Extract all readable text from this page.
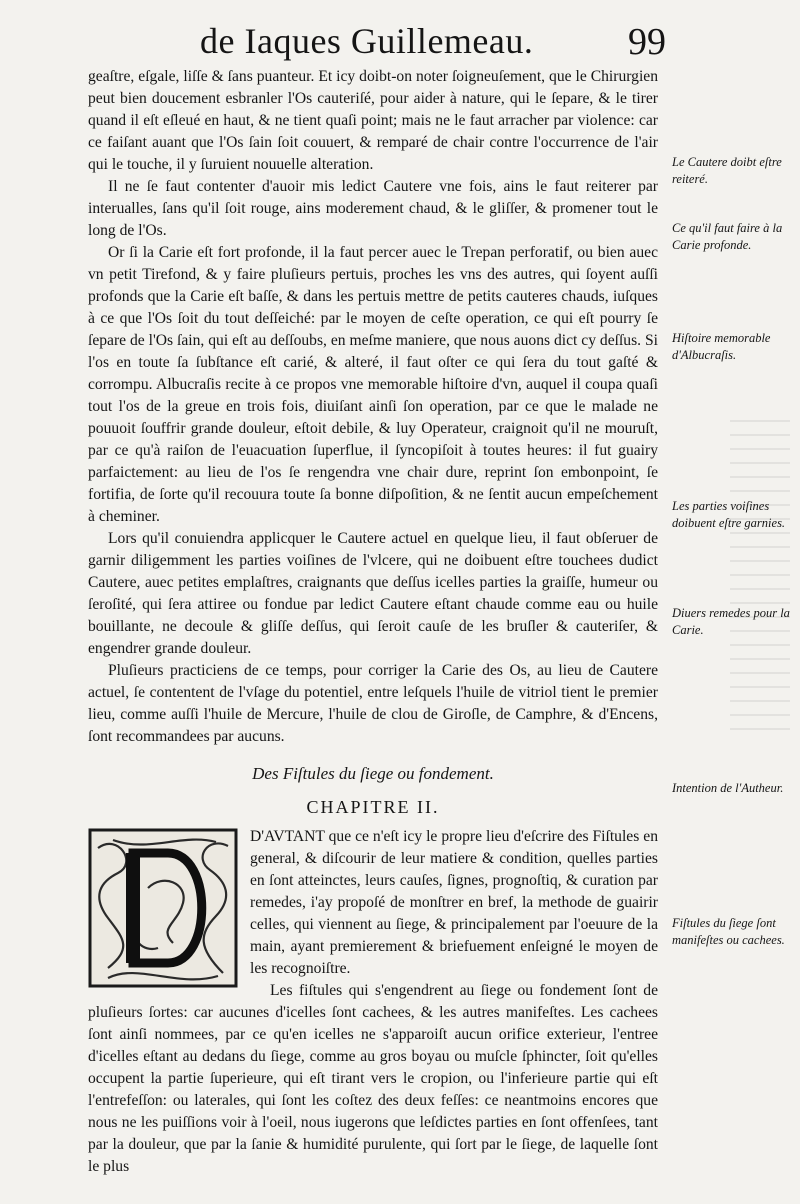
de Iaques Guillemeau. 99

geaſtre, eſgale, liſſe & ſans puanteur. Et icy doibt-on noter ſoigneuſement, que le Chirurgien peut bien doucement esbranler l'Os cauteriſé, pour aider à nature, qui le ſepare, & le tirer quand il eſt eſleué en haut, & ne tient quaſi point; mais ne le faut arracher par violence: car ce faiſant auant que l'Os ſain ſoit couuert, & remparé de chair contre l'occurrence de l'air qui le touche, il y ſuruient nouuelle alteration.

Il ne ſe faut contenter d'auoir mis ledict Cautere vne fois, ains le faut reiterer par interualles, ſans qu'il ſoit rouge, ains moderement chaud, & le gliſſer, & promener tout le long de l'Os.

Or ſi la Carie eſt fort profonde, il la faut percer auec le Trepan perforatif, ou bien auec vn petit Tirefond, & y faire pluſieurs pertuis, proches les vns des autres, qui ſoyent auſſi profonds que la Carie eſt baſſe, & dans les pertuis mettre de petits cauteres chauds, iuſques à ce que l'Os ſoit du tout deſſeiché: par le moyen de ceſte operation, ce qui eſt pourry ſe ſepare de l'Os ſain, qui eſt au deſſoubs, en meſme maniere, que nous auons dict cy deſſus. Si l'os en toute ſa ſubſtance eſt carié, & alteré, il faut oſter ce qui ſera du tout gaſté & corrompu. Albucraſis recite à ce propos vne memorable hiſtoire d'vn, auquel il coupa quaſi tout l'os de la greue en trois fois, diuiſant ainſi ſon operation, par ce que le malade ne pouuoit ſouffrir grande douleur, eſtoit debile, & luy Operateur, craignoit qu'il ne mouruſt, par ce qu'à raiſon de l'euacuation ſuperflue, il ſyncopiſoit à toutes heures: il fut guairy parfaictement: au lieu de l'os ſe rengendra vne chair dure, reprint ſon embonpoint, ſe fortifia, de ſorte qu'il recouura toute ſa bonne diſpoſition, & ne ſentit aucun empeſchement à cheminer.

Lors qu'il conuiendra applicquer le Cautere actuel en quelque lieu, il faut obſeruer de garnir diligemment les parties voiſines de l'vlcere, qui ne doibuent eſtre touchees dudict Cautere, auec petites emplaſtres, craignants que deſſus icelles parties la graiſſe, humeur ou ſeroſité, qui ſera attiree ou fondue par ledict Cautere eſtant chaude comme eau ou huile bouillante, ne decoule & gliſſe deſſus, qui ſeroit cauſe de les bruſler & cauteriſer, & engendrer grande douleur.

Pluſieurs practiciens de ce temps, pour corriger la Carie des Os, au lieu de Cautere actuel, ſe contentent de l'vſage du potentiel, entre leſquels l'huile de vitriol tient le premier lieu, comme auſſi l'huile de Mercure, l'huile de clou de Giroſle, de Camphre, & d'Encens, ſont recommandees par aucuns.

Des Fiſtules du ſiege ou fondement.

CHAPITRE II.

D'AVTANT que ce n'eſt icy le propre lieu d'eſcrire des Fiſtules en general, & diſcourir de leur matiere & condition, quelles parties en ſont atteinctes, leurs cauſes, ſignes, prognoſtiq, & curation par remedes, i'ay propoſé de monſtrer en bref, la methode de guairir celles, qui viennent au ſiege, & principalement par l'oeuure de la main, ayant premierement & briefuement enſeigné le moyen de les recognoiſtre.

Les fiſtules qui s'engendrent au ſiege ou fondement ſont de pluſieurs ſortes: car aucunes d'icelles ſont cachees, & les autres manifeſtes. Les cachees ſont ainſi nommees, par ce qu'en icelles ne s'apparoiſt aucun orifice exterieur, l'entree d'icelles eſtant au dedans du ſiege, comme au gros boyau ou muſcle ſphincter, ſoit qu'elles occupent la partie ſuperieure, qui eſt tirant vers le cropion, ou l'inferieure partie qui eſt l'entrefeſſon: ou laterales, qui ſont les coſtez des deux feſſes: ce neantmoins encores que nous ne les puiſſions voir à l'oeil, nous iugerons que leſdictes parties en ſont offenſees, tant par la douleur, que par la ſanie & humidité purulente, qui ſort par le ſiege, de laquelle ſont le plus

Le Cautere doibt eſtre reiteré.
Ce qu'il faut faire à la Carie profonde.
Hiſtoire memorable d'Albucraſis.
Les parties voiſines doibuent eſtre garnies.
Diuers remedes pour la Carie.
Intention de l'Autheur.
Fiſtules du ſiege ſont manifeſtes ou cachees.
